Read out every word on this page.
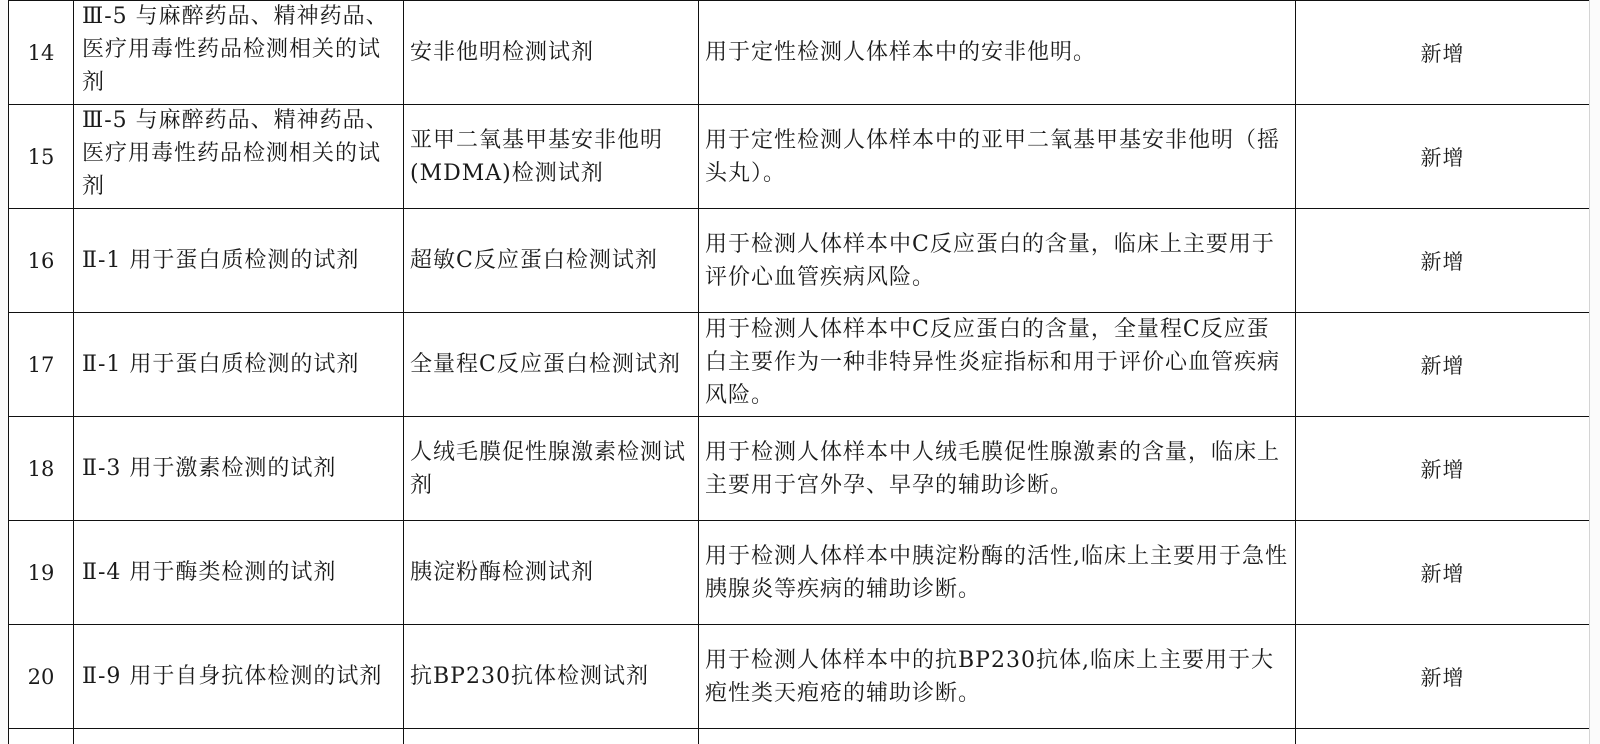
14	Ⅲ-5 与麻醉药品、精神药品、医疗用毒性药品检测相关的试剂	安非他明检测试剂	用于定性检测人体样本中的安非他明。	新增

15	Ⅲ-5 与麻醉药品、精神药品、医疗用毒性药品检测相关的试剂	亚甲二氧基甲基安非他明(MDMA)检测试剂	用于定性检测人体样本中的亚甲二氧基甲基安非他明（摇头丸）。	新增

16	Ⅱ-1 用于蛋白质检测的试剂	超敏C反应蛋白检测试剂	用于检测人体样本中C反应蛋白的含量，临床上主要用于评价心血管疾病风险。	新增

17	Ⅱ-1 用于蛋白质检测的试剂	全量程C反应蛋白检测试剂	用于检测人体样本中C反应蛋白的含量，全量程C反应蛋白主要作为一种非特异性炎症指标和用于评价心血管疾病风险。	新增

18	Ⅱ-3 用于激素检测的试剂	人绒毛膜促性腺激素检测试剂	用于检测人体样本中人绒毛膜促性腺激素的含量，临床上主要用于宫外孕、早孕的辅助诊断。	新增

19	Ⅱ-4 用于酶类检测的试剂	胰淀粉酶检测试剂	用于检测人体样本中胰淀粉酶的活性,临床上主要用于急性胰腺炎等疾病的辅助诊断。	新增

20	Ⅱ-9 用于自身抗体检测的试剂	抗BP230抗体检测试剂	用于检测人体样本中的抗BP230抗体,临床上主要用于大疱性类天疱疮的辅助诊断。	新增
